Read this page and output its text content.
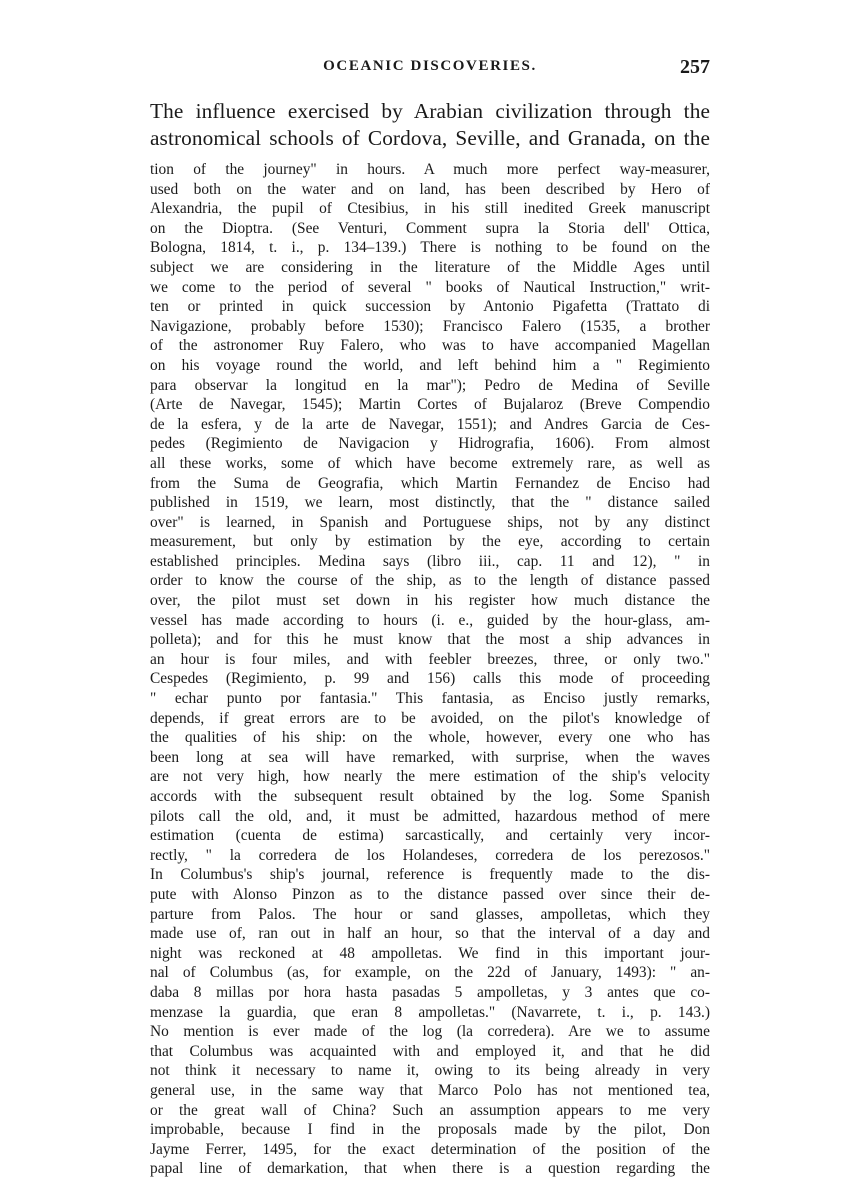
OCEANIC DISCOVERIES.	257
The influence exercised by Arabian civilization through the
astronomical schools of Cordova, Seville, and Granada, on the
tion of the journey" in hours. A much more perfect way-measurer,
used both on the water and on land, has been described by Hero of
Alexandria, the pupil of Ctesibius, in his still inedited Greek manuscript
on the Dioptra. (See Venturi, Comment supra la Storia dell' Ottica,
Bologna, 1814, t. i., p. 134–139.) There is nothing to be found on the
subject we are considering in the literature of the Middle Ages until
we come to the period of several " books of Nautical Instruction," writ-
ten or printed in quick succession by Antonio Pigafetta (Trattato di
Navigazione, probably before 1530); Francisco Falero (1535, a brother
of the astronomer Ruy Falero, who was to have accompanied Magellan
on his voyage round the world, and left behind him a " Regimiento
para observar la longitud en la mar"); Pedro de Medina of Seville
(Arte de Navegar, 1545); Martin Cortes of Bujalaroz (Breve Compendio
de la esfera, y de la arte de Navegar, 1551); and Andres Garcia de Ces-
pedes (Regimiento de Navigacion y Hidrografia, 1606). From almost
all these works, some of which have become extremely rare, as well as
from the Suma de Geografia, which Martin Fernandez de Enciso had
published in 1519, we learn, most distinctly, that the " distance sailed
over" is learned, in Spanish and Portuguese ships, not by any distinct
measurement, but only by estimation by the eye, according to certain
established principles. Medina says (libro iii., cap. 11 and 12), " in
order to know the course of the ship, as to the length of distance passed
over, the pilot must set down in his register how much distance the
vessel has made according to hours (i. e., guided by the hour-glass, am-
polleta); and for this he must know that the most a ship advances in
an hour is four miles, and with feebler breezes, three, or only two."
Cespedes (Regimiento, p. 99 and 156) calls this mode of proceeding
" echar punto por fantasia." This fantasia, as Enciso justly remarks,
depends, if great errors are to be avoided, on the pilot's knowledge of
the qualities of his ship: on the whole, however, every one who has
been long at sea will have remarked, with surprise, when the waves
are not very high, how nearly the mere estimation of the ship's velocity
accords with the subsequent result obtained by the log. Some Spanish
pilots call the old, and, it must be admitted, hazardous method of mere
estimation (cuenta de estima) sarcastically, and certainly very incor-
rectly, " la corredera de los Holandeses, corredera de los perezosos."
In Columbus's ship's journal, reference is frequently made to the dis-
pute with Alonso Pinzon as to the distance passed over since their de-
parture from Palos. The hour or sand glasses, ampolletas, which they
made use of, ran out in half an hour, so that the interval of a day and
night was reckoned at 48 ampolletas. We find in this important jour-
nal of Columbus (as, for example, on the 22d of January, 1493): " an-
daba 8 millas por hora hasta pasadas 5 ampolletas, y 3 antes que co-
menzase la guardia, que eran 8 ampolletas." (Navarrete, t. i., p. 143.)
No mention is ever made of the log (la corredera). Are we to assume
that Columbus was acquainted with and employed it, and that he did
not think it necessary to name it, owing to its being already in very
general use, in the same way that Marco Polo has not mentioned tea,
or the great wall of China? Such an assumption appears to me very
improbable, because I find in the proposals made by the pilot, Don
Jayme Ferrer, 1495, for the exact determination of the position of the
papal line of demarkation, that when there is a question regarding the
